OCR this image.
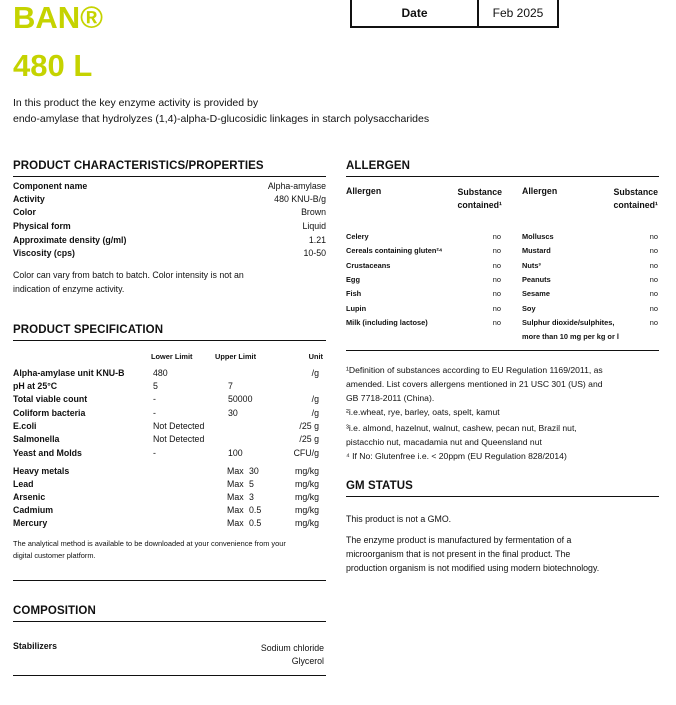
Date	Feb 2025
BAN®
480 L
In this product the key enzyme activity is provided by
endo-amylase that hydrolyzes (1,4)-alpha-D-glucosidic linkages in starch polysaccharides
PRODUCT CHARACTERISTICS/PROPERTIES
Component name	Alpha-amylase
Activity	480 KNU-B/g
Color	Brown
Physical form	Liquid
Approximate density (g/ml)	1.21
Viscosity (cps)	10-50
Color can vary from batch to batch. Color intensity is not an
indication of enzyme activity.
PRODUCT SPECIFICATION
Lower Limit	Upper Limit	Unit
Alpha-amylase unit KNU-B	480	/g
pH at 25°C	5	7
Total viable count	-	50000	/g
Coliform bacteria	-	30	/g
E.coli	Not Detected	/25 g
Salmonella	Not Detected	/25 g
Yeast and Molds	-	100	CFU/g
Heavy metals	Max 30	mg/kg
Lead	Max 5	mg/kg
Arsenic	Max 3	mg/kg
Cadmium	Max 0.5	mg/kg
Mercury	Max 0.5	mg/kg
The analytical method is available to be downloaded at your convenience from your
digital customer platform.
COMPOSITION
Stabilizers	Sodium chloride
Glycerol
ALLERGEN
Allergen	Substance
contained¹
Allergen	Substance
contained¹
Celery	no
Cereals containing gluten²⁴	no
Crustaceans	no
Egg	no
Fish	no
Lupin	no
Milk (including lactose)	no
Molluscs	no
Mustard	no
Nuts³	no
Peanuts	no
Sesame	no
Soy	no
Sulphur dioxide/sulphites,	no
more than 10 mg per kg or l
¹Definition of substances according to EU Regulation 1169/2011, as
amended. List covers allergens mentioned in 21 USC 301 (US) and
GB 7718-2011 (China).
²i.e.wheat, rye, barley, oats, spelt, kamut
³i.e. almond, hazelnut, walnut, cashew, pecan nut, Brazil nut,
pistacchio nut, macadamia nut and Queensland nut
⁴ If No: Glutenfree i.e. < 20ppm (EU Regulation 828/2014)
GM STATUS
This product is not a GMO.
The enzyme product is manufactured by fermentation of a
microorganism that is not present in the final product. The
production organism is not modified using modern biotechnology.
